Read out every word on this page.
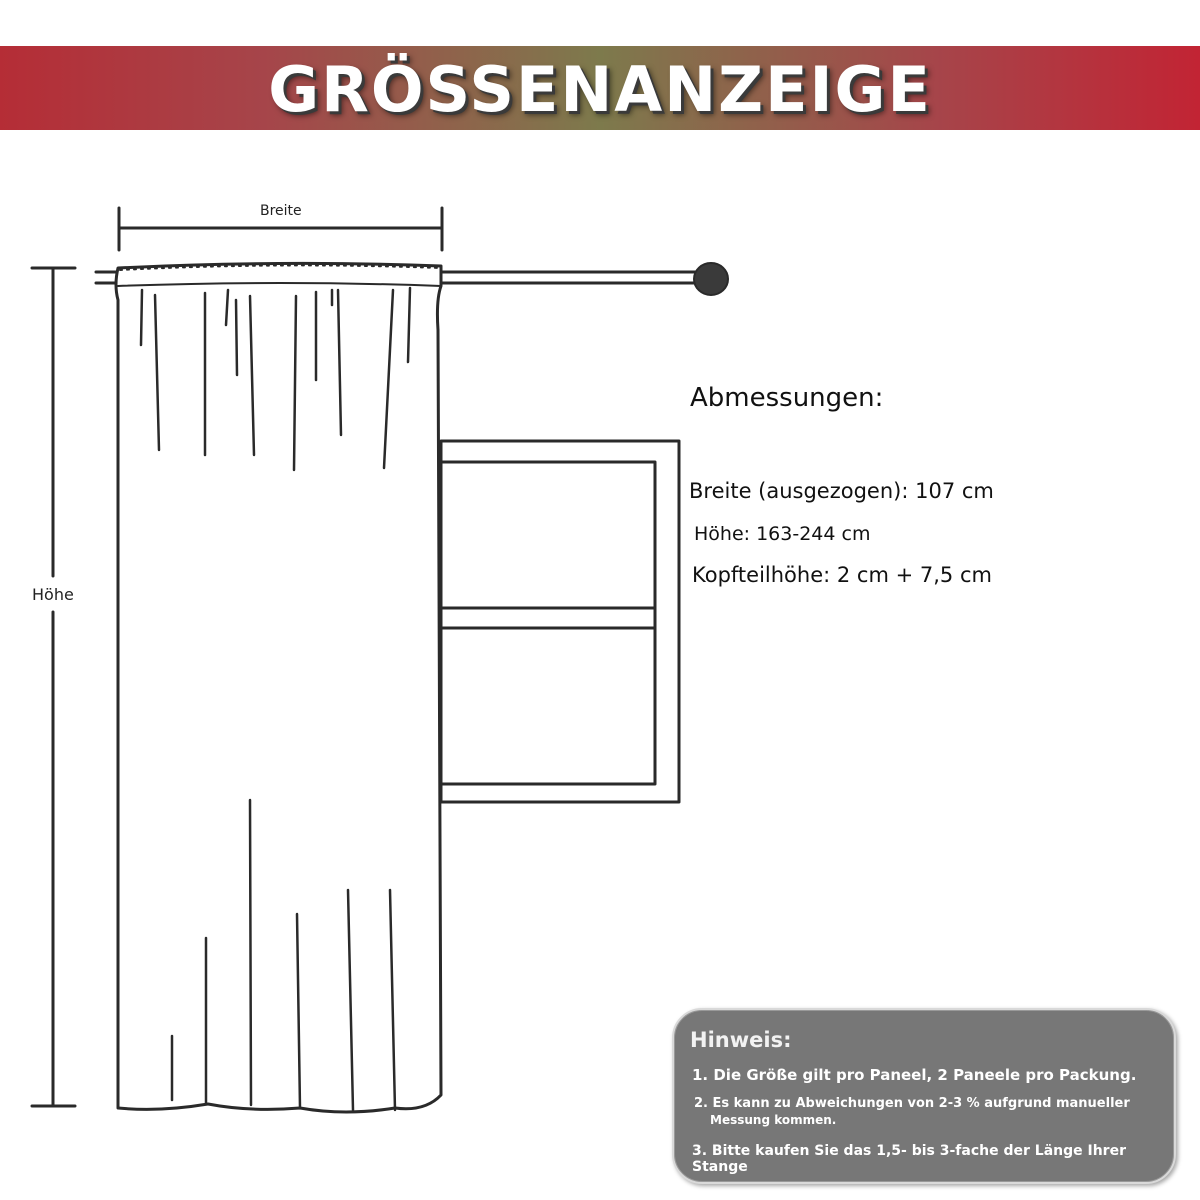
GRÖSSENANZEIGE
Breite
Höhe
Abmessungen:
Breite (ausgezogen): 107 cm
Höhe: 163-244 cm
Kopfteilhöhe: 2 cm + 7,5 cm
Hinweis:
1. Die Größe gilt pro Paneel, 2 Paneele pro Packung.
2. Es kann zu Abweichungen von 2-3 % aufgrund manueller
Messung kommen.
3. Bitte kaufen Sie das 1,5- bis 3-fache der Länge Ihrer Stange
